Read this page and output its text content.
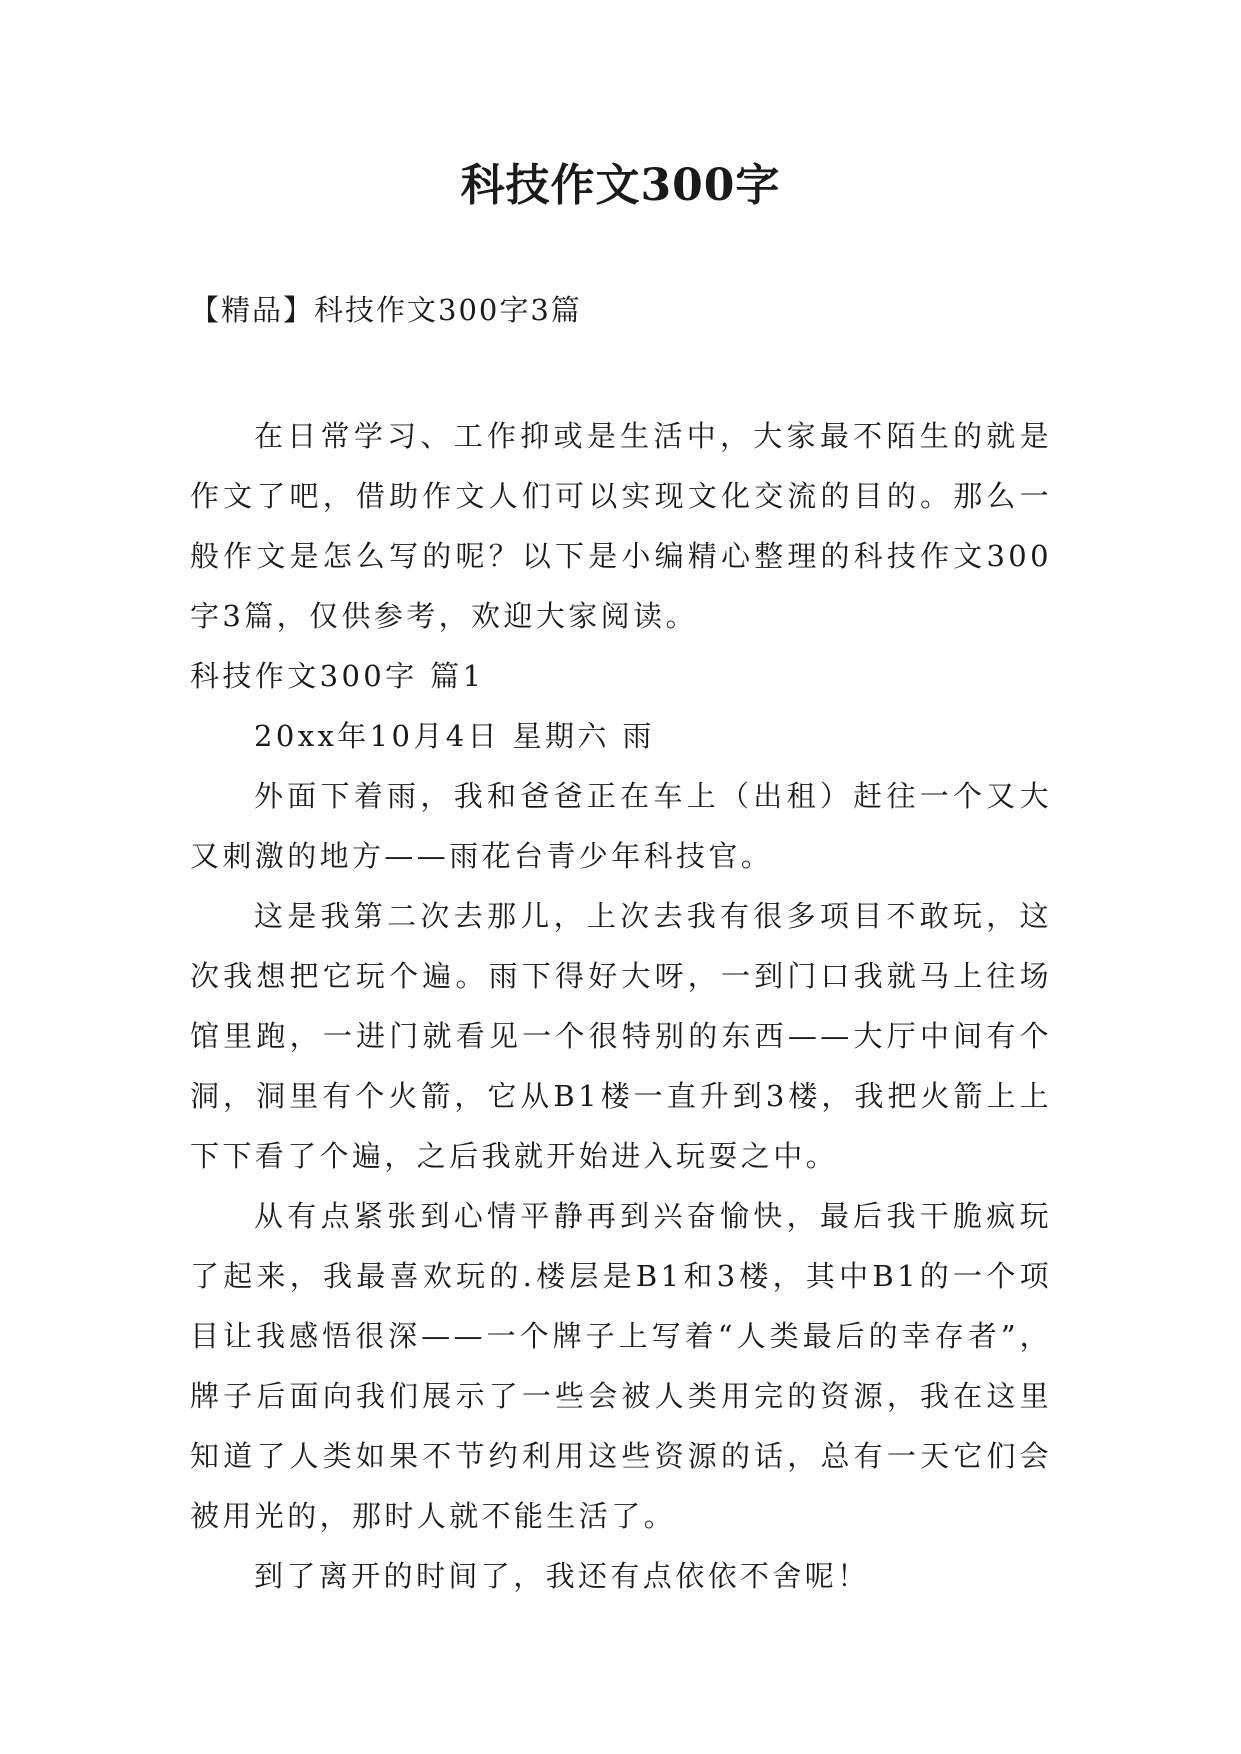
科技作文300字

【精品】科技作文300字3篇

在日常学习、工作抑或是生活中，大家最不陌生的就是作文了吧，借助作文人们可以实现文化交流的目的。那么一般作文是怎么写的呢？以下是小编精心整理的科技作文300字3篇，仅供参考，欢迎大家阅读。

科技作文300字 篇1

20xx年10月4日 星期六 雨

外面下着雨，我和爸爸正在车上（出租）赶往一个又大又刺激的地方——雨花台青少年科技官。

这是我第二次去那儿，上次去我有很多项目不敢玩，这次我想把它玩个遍。雨下得好大呀，一到门口我就马上往场馆里跑，一进门就看见一个很特别的东西——大厅中间有个洞，洞里有个火箭，它从B1楼一直升到3楼，我把火箭上上下下看了个遍，之后我就开始进入玩耍之中。

从有点紧张到心情平静再到兴奋愉快，最后我干脆疯玩了起来，我最喜欢玩的.楼层是B1和3楼，其中B1的一个项目让我感悟很深——一个牌子上写着“人类最后的幸存者”，牌子后面向我们展示了一些会被人类用完的资源，我在这里知道了人类如果不节约利用这些资源的话，总有一天它们会被用光的，那时人就不能生活了。

到了离开的时间了，我还有点依依不舍呢！
